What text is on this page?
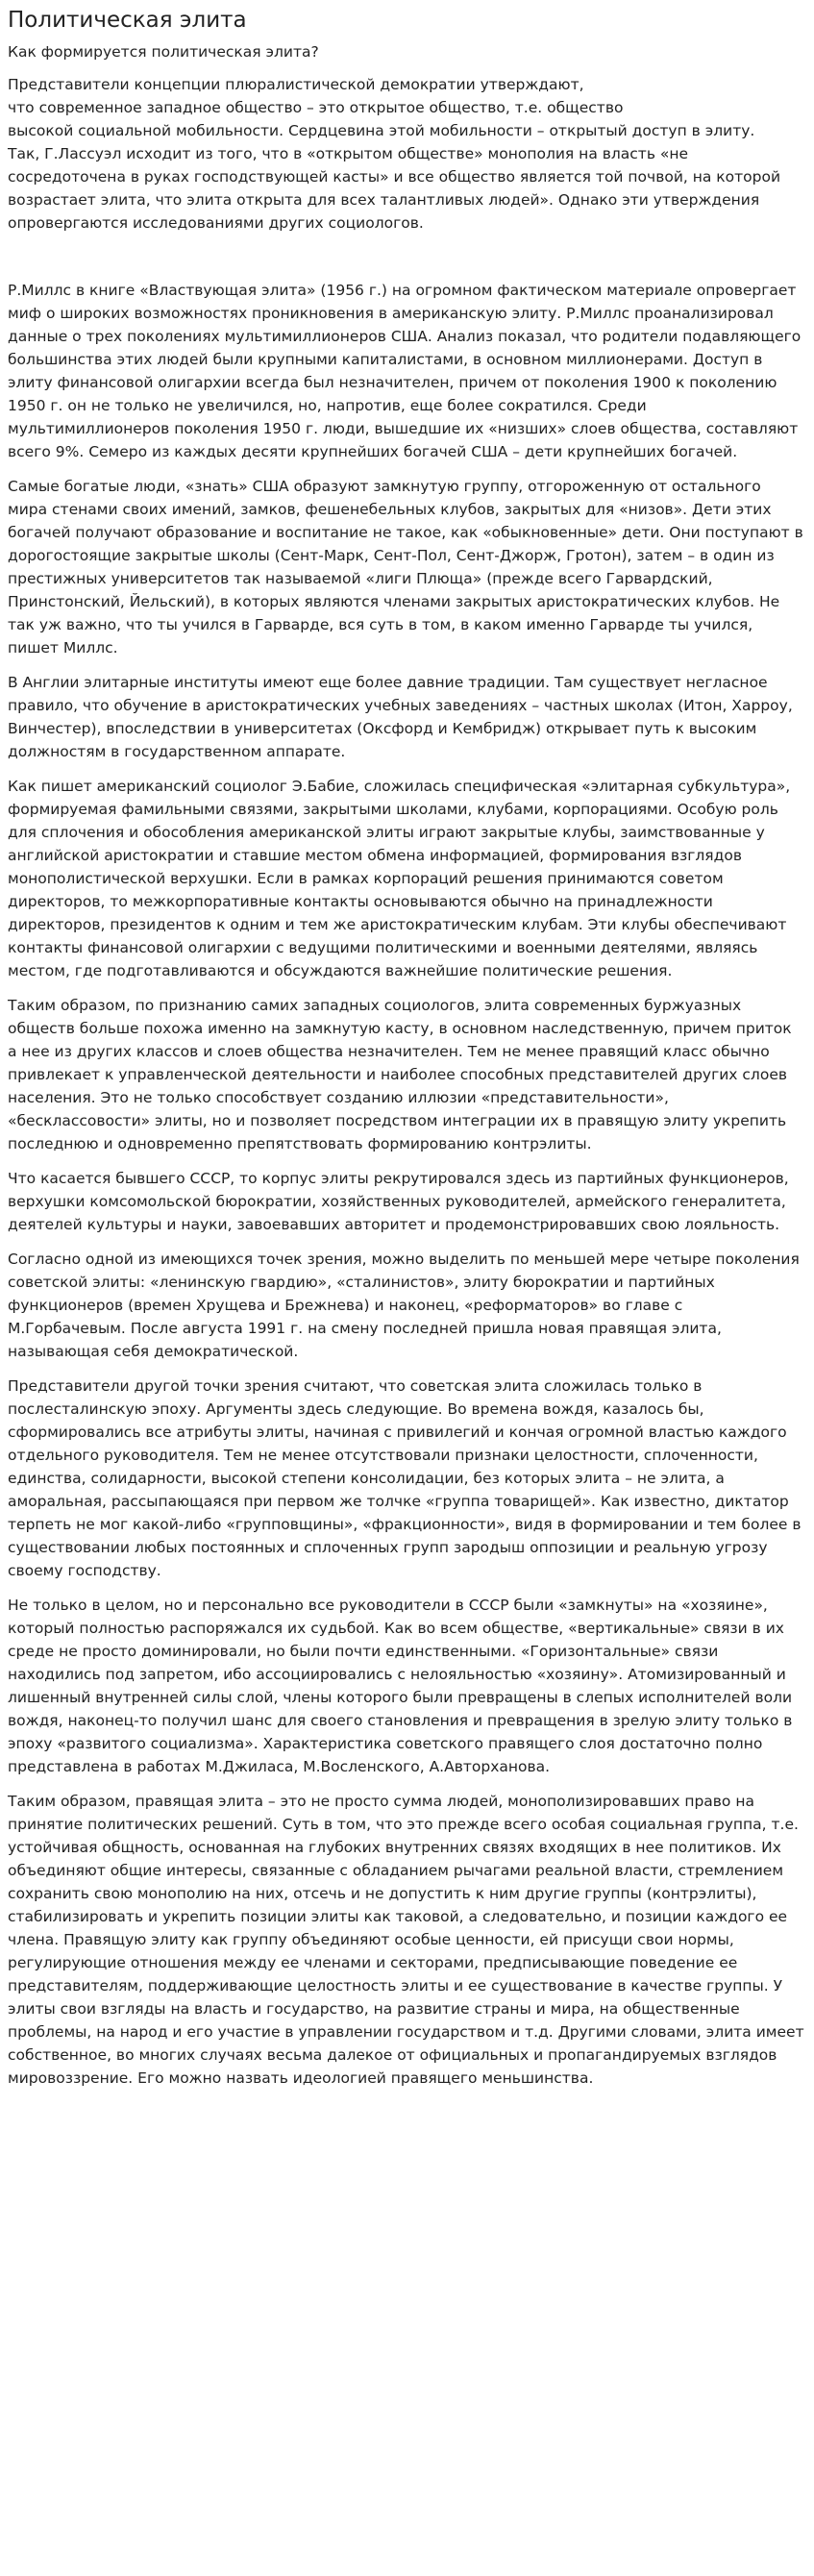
Политическая элита
Как формируется политическая элита?
Представители концепции плюралистической демократии утверждают,
что современное западное общество – это открытое общество, т.е. общество
высокой социальной мобильности. Сердцевина этой мобильности – открытый доступ в элиту.
Так, Г.Лассуэл исходит из того, что в «открытом обществе» монополия на власть «не
сосредоточена в руках господствующей касты» и все общество является той почвой, на которой
возрастает элита, что элита открыта для всех талантливых людей». Однако эти утверждения
опровергаются исследованиями других социологов.

Р.Миллс в книге «Властвующая элита» (1956 г.) на огромном фактическом материале опровергает миф о широких возможностях проникновения в американскую элиту. Р.Миллс проанализировал данные о трех поколениях мультимиллионеров США. Анализ показал, что родители подавляющего большинства этих людей были крупными капиталистами, в основном миллионерами. Доступ в элиту финансовой олигархии всегда был незначителен, причем от поколения 1900 к поколению 1950 г. он не только не увеличился, но, напротив, еще более сократился. Среди мультимиллионеров поколения 1950 г. люди, вышедшие их «низших» слоев общества, составляют всего 9%. Семеро из каждых десяти крупнейших богачей США – дети крупнейших богачей.

Самые богатые люди, «знать» США образуют замкнутую группу, отгороженную от остального мира стенами своих имений, замков, фешенебельных клубов, закрытых для «низов». Дети этих богачей получают образование и воспитание не такое, как «обыкновенные» дети. Они поступают в дорогостоящие закрытые школы (Сент-Марк, Сент-Пол, Сент-Джорж, Гротон), затем – в один из престижных университетов так называемой «лиги Плюща» (прежде всего Гарвардский, Принстонский, Йельский), в которых являются членами закрытых аристократических клубов. Не так уж важно, что ты учился в Гарварде, вся суть в том, в каком именно Гарварде ты учился, пишет Миллс.

В Англии элитарные институты имеют еще более давние традиции. Там существует негласное правило, что обучение в аристократических учебных заведениях – частных школах (Итон, Харроу, Винчестер), впоследствии в университетах (Оксфорд и Кембридж) открывает путь к высоким должностям в государственном аппарате.

Как пишет американский социолог Э.Бабие, сложилась специфическая «элитарная субкультура», формируемая фамильными связями, закрытыми школами, клубами, корпорациями. Особую роль для сплочения и обособления американской элиты играют закрытые клубы, заимствованные у английской аристократии и ставшие местом обмена информацией, формирования взглядов монополистической верхушки. Если в рамках корпораций решения принимаются советом директоров, то межкорпоративные контакты основываются обычно на принадлежности директоров, президентов к одним и тем же аристократическим клубам. Эти клубы обеспечивают контакты финансовой олигархии с ведущими политическими и военными деятелями, являясь местом, где подготавливаются и обсуждаются важнейшие политические решения.

Таким образом, по признанию самих западных социологов, элита современных буржуазных обществ больше похожа именно на замкнутую касту, в основном наследственную, причем приток а нее из других классов и слоев общества незначителен. Тем не менее правящий класс обычно привлекает к управленческой деятельности и наиболее способных представителей других слоев населения. Это не только способствует созданию иллюзии «представительности», «бесклассовости» элиты, но и позволяет посредством интеграции их в правящую элиту укрепить последнюю и одновременно препятствовать формированию контрэлиты.

Что касается бывшего СССР, то корпус элиты рекрутировался здесь из партийных функционеров, верхушки комсомольской бюрократии, хозяйственных руководителей, армейского генералитета, деятелей культуры и науки, завоевавших авторитет и продемонстрировавших свою лояльность.

Согласно одной из имеющихся точек зрения, можно выделить по меньшей мере четыре поколения советской элиты: «ленинскую гвардию», «сталинистов», элиту бюрократии и партийных функционеров (времен Хрущева и Брежнева) и наконец, «реформаторов» во главе с М.Горбачевым. После августа 1991 г. на смену последней пришла новая правящая элита, называющая себя демократической.

Представители другой точки зрения считают, что советская элита сложилась только в послесталинскую эпоху. Аргументы здесь следующие. Во времена вождя, казалось бы, сформировались все атрибуты элиты, начиная с привилегий и кончая огромной властью каждого отдельного руководителя. Тем не менее отсутствовали признаки целостности, сплоченности, единства, солидарности, высокой степени консолидации, без которых элита – не элита, а аморальная, рассыпающаяся при первом же толчке «группа товарищей». Как известно, диктатор терпеть не мог какой-либо «групповщины», «фракционности», видя в формировании и тем более в существовании любых постоянных и сплоченных групп зародыш оппозиции и реальную угрозу своему господству.

Не только в целом, но и персонально все руководители в СССР были «замкнуты» на «хозяине», который полностью распоряжался их судьбой. Как во всем обществе, «вертикальные» связи в их среде не просто доминировали, но были почти единственными. «Горизонтальные» связи находились под запретом, ибо ассоциировались с нелояльностью «хозяину». Атомизированный и лишенный внутренней силы слой, члены которого были превращены в слепых исполнителей воли вождя, наконец-то получил шанс для своего становления и превращения в зрелую элиту только в эпоху «развитого социализма». Характеристика советского правящего слоя достаточно полно представлена в работах М.Джиласа, М.Восленского, А.Авторханова.

Таким образом, правящая элита – это не просто сумма людей, монополизировавших право на принятие политических решений. Суть в том, что это прежде всего особая социальная группа, т.е. устойчивая общность, основанная на глубоких внутренних связях входящих в нее политиков. Их объединяют общие интересы, связанные с обладанием рычагами реальной власти, стремлением сохранить свою монополию на них, отсечь и не допустить к ним другие группы (контрэлиты), стабилизировать и укрепить позиции элиты как таковой, а следовательно, и позиции каждого ее члена. Правящую элиту как группу объединяют особые ценности, ей присущи свои нормы, регулирующие отношения между ее членами и секторами, предписывающие поведение ее представителям, поддерживающие целостность элиты и ее существование в качестве группы. У элиты свои взгляды на власть и государство, на развитие страны и мира, на общественные проблемы, на народ и его участие в управлении государством и т.д. Другими словами, элита имеет собственное, во многих случаях весьма далекое от официальных и пропагандируемых взглядов мировоззрение. Его можно назвать идеологией правящего меньшинства.
